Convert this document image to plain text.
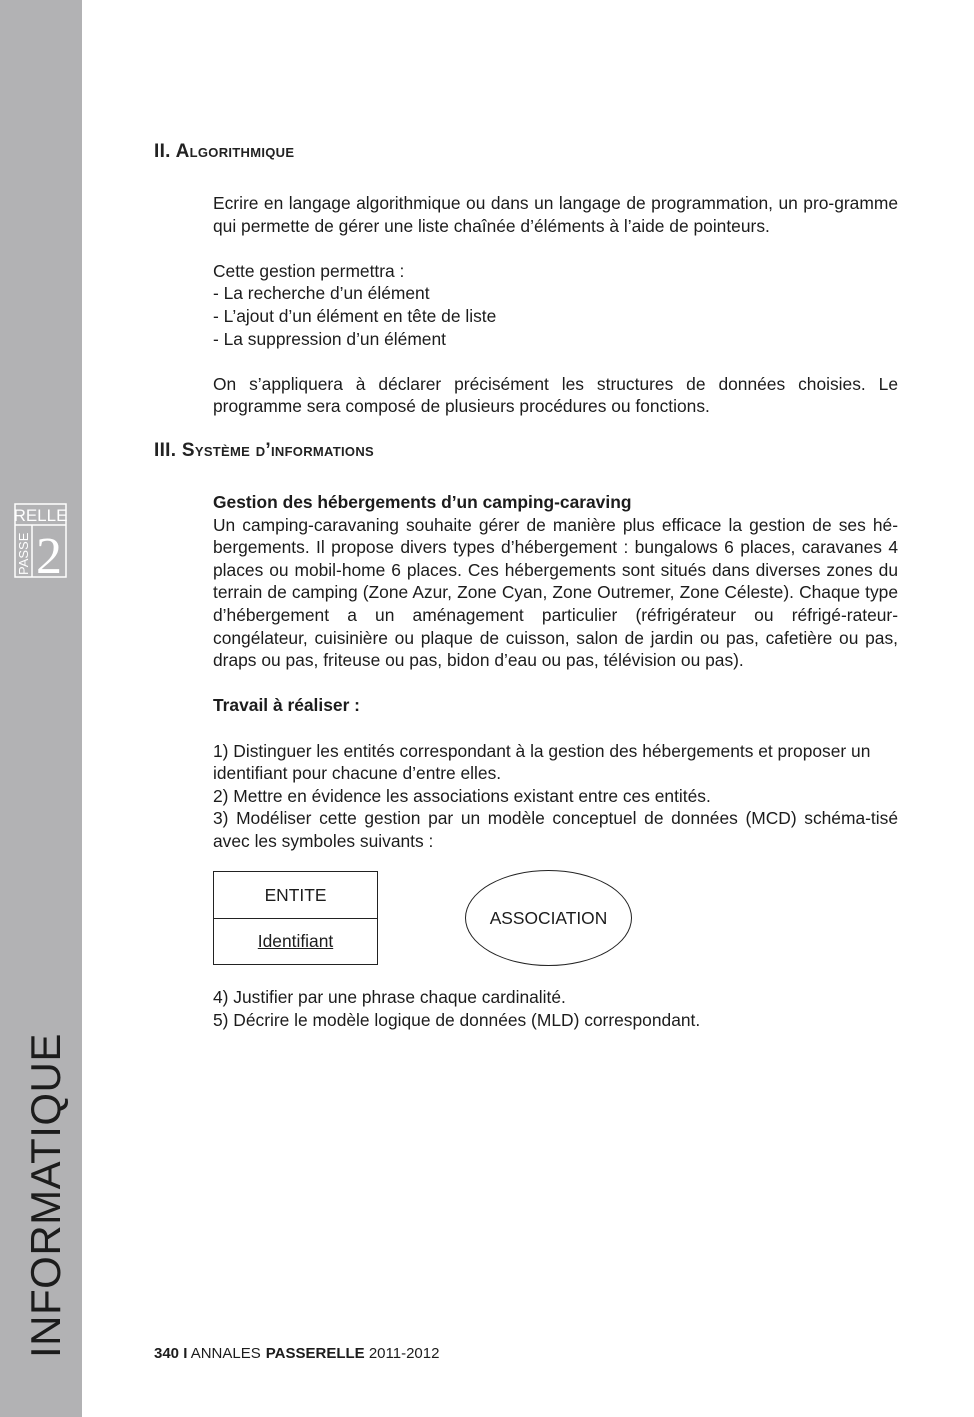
RELLE
PASSE 2
INFORMATIQUE
II. Algorithmique

Ecrire en langage algorithmique ou dans un langage de programmation, un pro-gramme qui permette de gérer une liste chaînée d’éléments à l’aide de pointeurs.

Cette gestion permettra :

- La recherche d’un élément

- L’ajout d’un élément en tête de liste

- La suppression d’un élément

On s’appliquera à déclarer précisément les structures de données choisies. Le programme sera composé de plusieurs procédures ou fonctions.

III. Système d’informations

Gestion des hébergements d’un camping-caraving

Un camping-caravaning souhaite gérer de manière plus efficace la gestion de ses hé-bergements. Il propose divers types d’hébergement : bungalows 6 places, caravanes 4 places ou mobil-home 6 places. Ces hébergements sont situés dans diverses zones du terrain de camping (Zone Azur, Zone Cyan, Zone Outremer, Zone Céleste). Chaque type d’hébergement a un aménagement particulier (réfrigérateur ou réfrigé-rateur-congélateur, cuisinière ou plaque de cuisson, salon de jardin ou pas, cafetière ou pas, draps ou pas, friteuse ou pas, bidon d’eau ou pas, télévision ou pas).

Travail à réaliser :

1) Distinguer les entités correspondant à la gestion des hébergements et proposer un identifiant pour chacune d’entre elles.

2) Mettre en évidence les associations existant entre ces entités.

3) Modéliser cette gestion par un modèle conceptuel de données (MCD) schéma-tisé avec les symboles suivants :

ENTITE
Identifiant
ASSOCIATION

4) Justifier par une phrase chaque cardinalité.

5) Décrire le modèle logique de données (MLD) correspondant.

340 I ANNALES PASSERELLE 2011-2012
